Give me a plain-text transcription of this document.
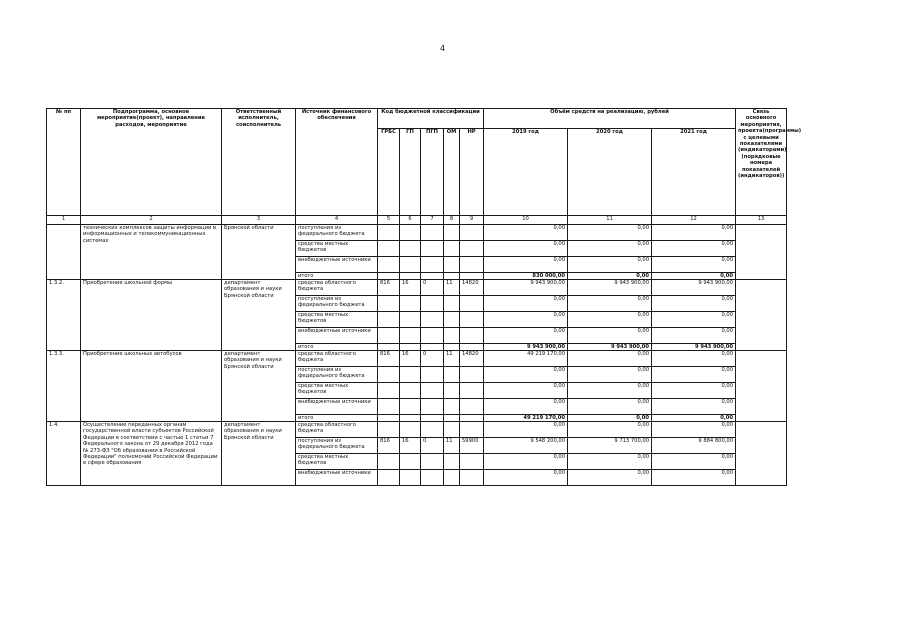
4
№ пп	Подпрограмма, основное мероприятие(проект), направление расходов, мероприятие	Ответственный исполнитель, соисполнитель	Источник финансового обеспечения	Код бюджетной классификации					Объём средств на реализацию, рублей			Связь основного мероприятия, проекта(программы) с целевыми показателями (индикаторами) (порядковые номера показателей (индикаторов))
				ГРБС	ГП	ПГП	ОМ	НР	2019 год	2020 год	2021 год	
1	2	3	4	5	6	7	8	9	10	11	12	13
	технических комплексов защиты информации в информационных и телекоммуникационных системах	Брянской области	поступления из федерального бюджета						0,00	0,00	0,00	
			средства местных бюджетов						0,00	0,00	0,00	
			внебюджетные источники						0,00	0,00	0,00	
			итого						830 000,00	0,00	0,00	
1.3.2.	Приобретение школьной формы	департамент образования и науки Брянской области	средства областного бюджета	816	16	0	11	14820	9 943 900,00	9 943 900,00	9 943 900,00	
			поступления из федерального бюджета						0,00	0,00	0,00	
			средства местных бюджетов						0,00	0,00	0,00	
			внебюджетные источники						0,00	0,00	0,00	
			итого						9 943 900,00	9 943 900,00	9 943 900,00	
1.3.3.	Приобретение школьных автобусов	департамент образования и науки Брянской области	средства областного бюджета	816	16	0	11	14820	49 219 170,00	0,00	0,00	
			поступления из федерального бюджета						0,00	0,00	0,00	
			средства местных бюджетов						0,00	0,00	0,00	
			внебюджетные источники						0,00	0,00	0,00	
			итого						49 219 170,00	0,00	0,00	
1.4.	Осуществление переданных органам государственной власти субъектов Российской Федерации в соответствии с частью 1 статьи 7 Федерального закона от 29 декабря 2012 года № 273-ФЗ "Об образовании в Российской Федерации" полномочий Российской Федерации в сфере образования	департамент образования и науки Брянской области	средства областного бюджета						0,00	0,00	0,00	
			поступления из федерального бюджета	816	16	0	11	59900	9 548 200,00	9 713 700,00	9 884 800,00	
			средства местных бюджетов						0,00	0,00	0,00	
			внебюджетные источники						0,00	0,00	0,00	
